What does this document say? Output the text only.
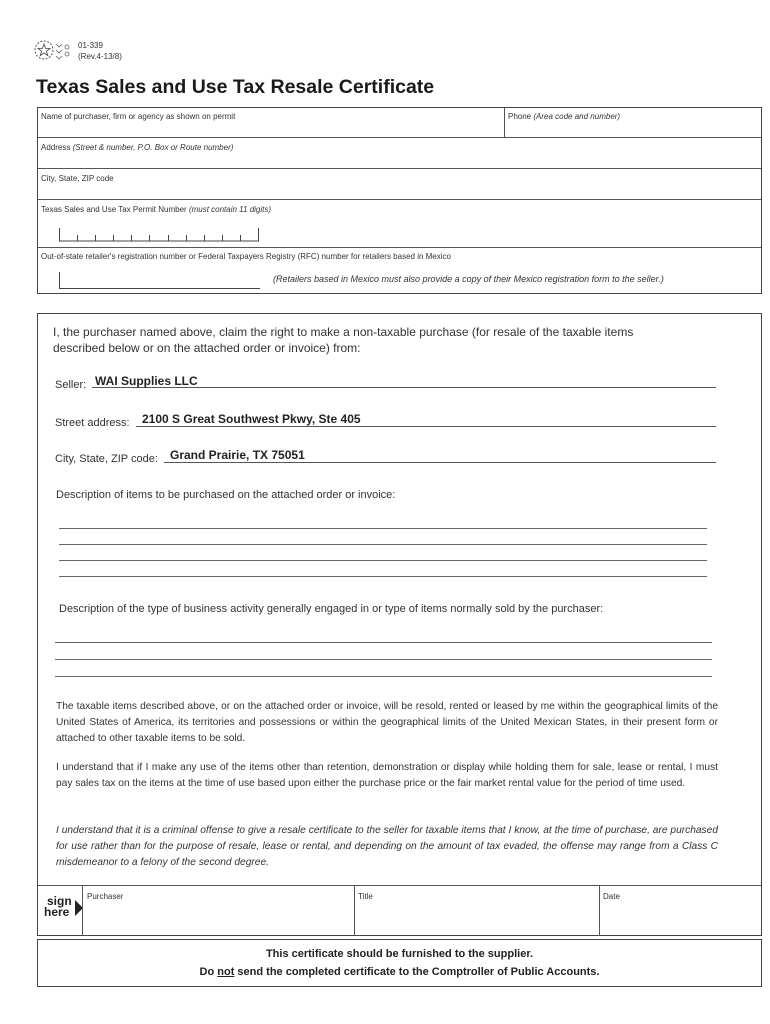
01-339
(Rev.4-13/8)
Texas Sales and Use Tax Resale Certificate
Name of purchaser, firm or agency as shown on permit	Phone (Area code and number)
Address (Street & number, P.O. Box or Route number)
City, State, ZIP code
Texas Sales and Use Tax Permit Number (must contain 11 digits)
Out-of-state retailer's registration number or Federal Taxpayers Registry (RFC) number for retailers based in Mexico
(Retailers based in Mexico must also provide a copy of their Mexico registration form to the seller.)
I, the purchaser named above, claim the right to make a non-taxable purchase (for resale of the taxable items described below or on the attached order or invoice) from:
Seller: WAI Supplies LLC
Street address: 2100 S Great Southwest Pkwy, Ste 405
City, State, ZIP code: Grand Prairie, TX 75051
Description of items to be purchased on the attached order or invoice:
Description of the type of business activity generally engaged in or type of items normally sold by the purchaser:
The taxable items described above, or on the attached order or invoice, will be resold, rented or leased by me within the geographical limits of the United States of America, its territories and possessions or within the geographical limits of the United Mexican States, in their present form or attached to other taxable items to be sold.
I understand that if I make any use of the items other than retention, demonstration or display while holding them for sale, lease or rental, I must pay sales tax on the items at the time of use based upon either the purchase price or the fair market rental value for the period of time used.
I understand that it is a criminal offense to give a resale certificate to the seller for taxable items that I know, at the time of purchase, are purchased for use rather than for the purpose of resale, lease or rental, and depending on the amount of tax evaded, the offense may range from a Class C misdemeanor to a felony of the second degree.
sign
here
Purchaser	Title	Date
This certificate should be furnished to the supplier.
Do not send the completed certificate to the Comptroller of Public Accounts.
